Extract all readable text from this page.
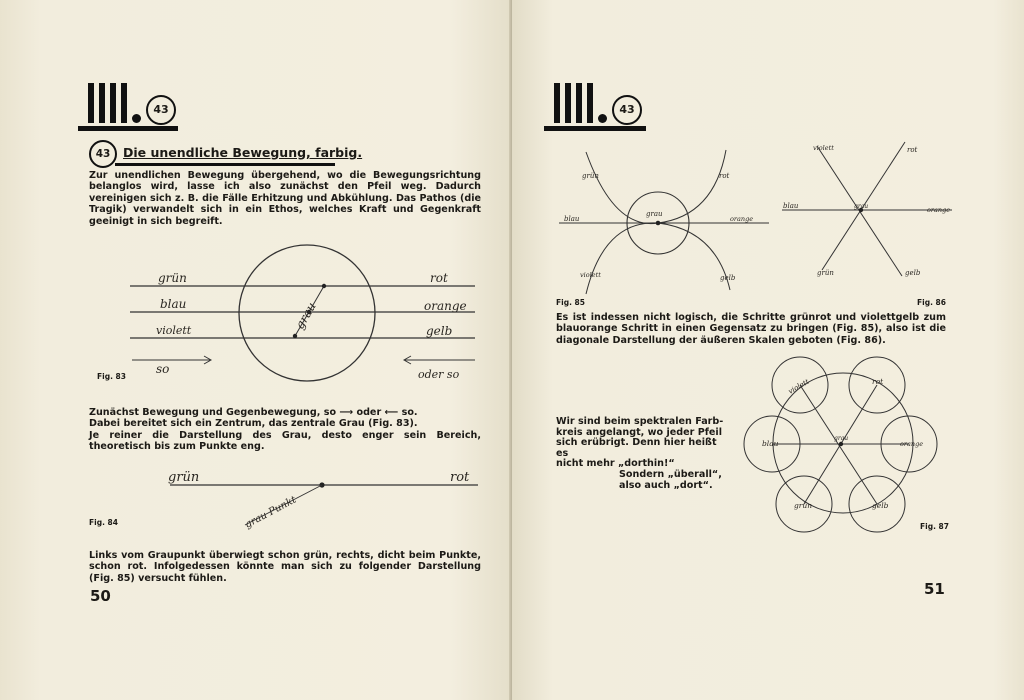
43
43	Die unendliche Bewegung, farbig.
Zur unendlichen Bewegung übergehend, wo die Bewegungsrichtung belanglos wird, lasse ich also zunächst den Pfeil weg. Dadurch vereinigen sich z. B. die Fälle Erhitzung und Abkühlung. Das Pathos (die Tragik) verwandelt sich in ein Ethos, welches Kraft und Gegenkraft geeinigt in sich begreift.
grün
blau
violett
so
rot
orange
gelb
oder so
grau
Fig. 83

Zunächst Bewegung und Gegenbewegung, so ⟶ oder ⟵ so.

Dabei bereitet sich ein Zentrum, das zentrale Grau (Fig. 83).

Je reiner die Darstellung des Grau, desto enger sein Bereich, theoretisch bis zum Punkte eng.

grün	rot
grau Punkt
Fig. 84
Links vom Graupunkt überwiegt schon grün, rechts, dicht beim Punkte, schon rot. Infolgedessen könnte man sich zu folgender Darstellung (Fig. 85) versucht fühlen.
50
43
grün	rot
blau	orange
violett	gelb
grau
Fig. 85
violett	rot
blau	orange
grün	gelb
grau
Fig. 86
Es ist indessen nicht logisch, die Schritte grünrot und violettgelb zum blauorange Schritt in einen Gegensatz zu bringen (Fig. 85), also ist die diagonale Darstellung der äußeren Skalen geboten (Fig. 86).

Wir sind beim spektralen Farb-

kreis angelangt, wo jeder Pfeil

sich erübrigt. Denn hier heißt es

nicht mehr „dorthin!“

Sondern „überall“,

also auch „dort“.

violett	rot
blau	orange
grün	gelb
grau
Fig. 87
51
